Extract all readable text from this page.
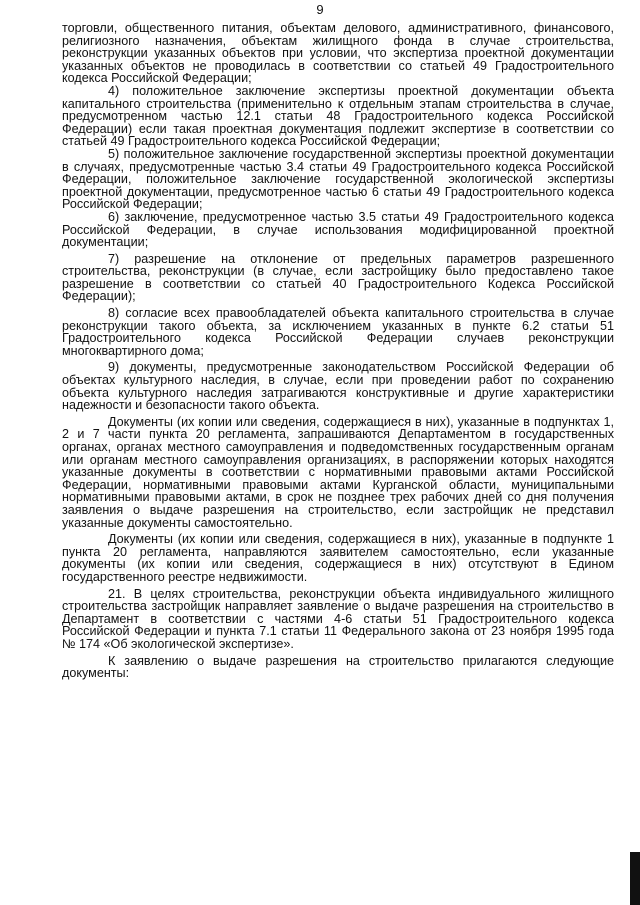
9

торговли, общественного питания, объектам делового, административного, финансового, религиозного назначения, объектам жилищного фонда в случае строительства, реконструкции указанных объектов при условии, что экспертиза проектной документации указанных объектов не проводилась в соответствии со статьей 49 Градостроительного кодекса Российской Федерации;

4) положительное заключение экспертизы проектной документации объекта капитального строительства (применительно к отдельным этапам строительства в случае, предусмотренном частью 12.1 статьи 48 Градостроительного кодекса Российской Федерации) если такая проектная документация подлежит экспертизе в соответствии со статьей 49 Градостроительного кодекса Российской Федерации;

5) положительное заключение государственной экспертизы проектной документации в случаях, предусмотренные частью 3.4 статьи 49 Градостроительного кодекса Российской Федерации, положительное заключение государственной экологической экспертизы проектной документации, предусмотренное частью 6 статьи 49 Градостроительного кодекса Российской Федерации;

6) заключение, предусмотренное частью 3.5 статьи 49 Градостроительного кодекса Российской Федерации, в случае использования модифицированной проектной документации;

7) разрешение на отклонение от предельных параметров разрешенного строительства, реконструкции (в случае, если застройщику было предоставлено такое разрешение в соответствии со статьей 40 Градостроительного Кодекса Российской Федерации);

8) согласие всех правообладателей объекта капитального строительства в случае реконструкции такого объекта, за исключением указанных в пункте 6.2 статьи 51 Градостроительного кодекса Российской Федерации случаев реконструкции многоквартирного дома;

9) документы, предусмотренные законодательством Российской Федерации об объектах культурного наследия, в случае, если при проведении работ по сохранению объекта культурного наследия затрагиваются конструктивные и другие характеристики надежности и безопасности такого объекта.

Документы (их копии или сведения, содержащиеся в них), указанные в подпунктах 1, 2 и 7 части пункта 20 регламента, запрашиваются Департаментом в государственных органах, органах местного самоуправления и подведомственных государственным органам или органам местного самоуправления организациях, в распоряжении которых находятся указанные документы в соответствии с нормативными правовыми актами Российской Федерации, нормативными правовыми актами Курганской области, муниципальными нормативными правовыми актами, в срок не позднее трех рабочих дней со дня получения заявления о выдаче разрешения на строительство, если застройщик не представил указанные документы самостоятельно.

Документы (их копии или сведения, содержащиеся в них), указанные в подпункте 1 пункта 20 регламента, направляются заявителем самостоятельно, если указанные документы (их копии или сведения, содержащиеся в них) отсутствуют в Едином государственного реестре недвижимости.

21. В целях строительства, реконструкции объекта индивидуального жилищного строительства застройщик направляет заявление о выдаче разрешения на строительство в Департамент в соответствии с частями 4-6 статьи 51 Градостроительного кодекса Российской Федерации и пункта 7.1 статьи 11 Федерального закона от 23 ноября 1995 года № 174 «Об экологической экспертизе».

К заявлению о выдаче разрешения на строительство прилагаются следующие документы:
